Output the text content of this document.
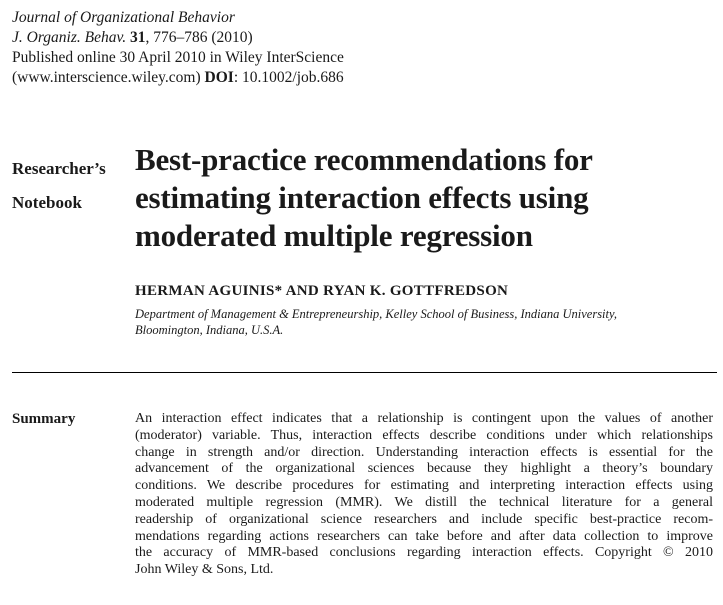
Journal of Organizational Behavior
J. Organiz. Behav. 31, 776–786 (2010)
Published online 30 April 2010 in Wiley InterScience
(www.interscience.wiley.com) DOI: 10.1002/job.686
Researcher’s
Notebook
Best-practice recommendations for
estimating interaction effects using
moderated multiple regression
HERMAN AGUINIS* AND RYAN K. GOTTFREDSON
Department of Management & Entrepreneurship, Kelley School of Business, Indiana University,
Bloomington, Indiana, U.S.A.
Summary	An interaction effect indicates that a relationship is contingent upon the values of another
(moderator) variable. Thus, interaction effects describe conditions under which relationships
change in strength and/or direction. Understanding interaction effects is essential for the
advancement of the organizational sciences because they highlight a theory’s boundary
conditions. We describe procedures for estimating and interpreting interaction effects using
moderated multiple regression (MMR). We distill the technical literature for a general
readership of organizational science researchers and include specific best-practice recom-
mendations regarding actions researchers can take before and after data collection to improve
the accuracy of MMR-based conclusions regarding interaction effects. Copyright © 2010
John Wiley & Sons, Ltd.
